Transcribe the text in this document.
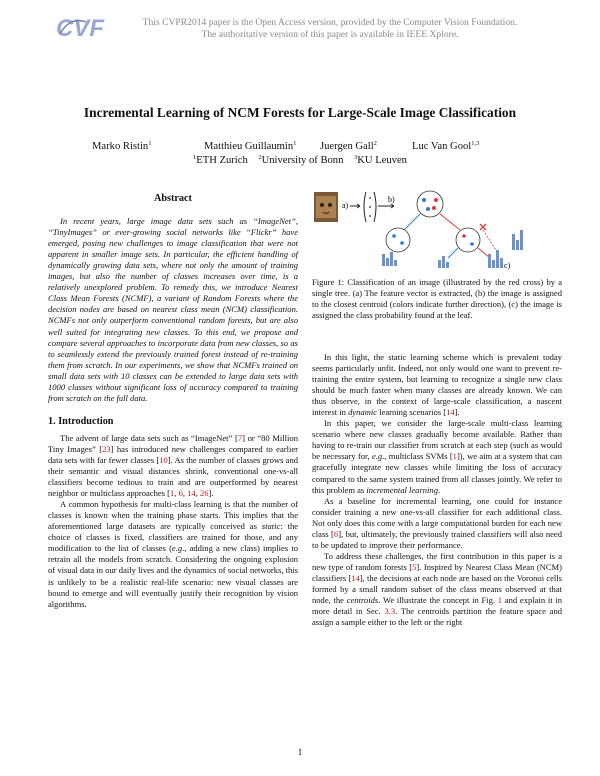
CVF	This CVPR2014 paper is the Open Access version, provided by the Computer Vision Foundation.
The authoritative version of this paper is available in IEEE Xplore.
Incremental Learning of NCM Forests for Large-Scale Image Classification
Marko Ristin$^1$	Matthieu Guillaumin$^1$ Juergen Gall$^2$	Luc Van Gool$^{1,3}$
$^1$ETH Zurich $^2$University of Bonn $^3$KU Leuven
Abstract

In recent years, large image data sets such as “ImageNet”, “TinyImages” or ever-growing social networks like “Flickr” have emerged, posing new challenges to image classification that were not apparent in smaller image sets. In particular, the efficient handling of dynamically growing data sets, where not only the amount of training images, but also the number of classes increases over time, is a relatively unexplored problem. To remedy this, we introduce Nearest Class Mean Forests (NCMF), a variant of Random Forests where the decision nodes are based on nearest class mean (NCM) classification. NCMFs not only outperform conventional random forests, but are also well suited for integrating new classes. To this end, we propose and compare several approaches to incorporate data from new classes, so as to seamlessly extend the previously trained forest instead of re-training them from scratch. In our experiments, we show that NCMFs trained on small data sets with 10 classes can be extended to large data sets with 1000 classes without significant loss of accuracy compared to training from scratch on the full data.

1. Introduction

The advent of large data sets such as “ImageNet” [7] or “80 Million Tiny Images” [23] has introduced new challenges compared to earlier data sets with far fewer classes [10]. As the number of classes grows and their semantic and visual distances shrink, conventional one-vs-all classifiers become tedious to train and are outperformed by nearest neighbor or multiclass approaches [1, 6, 14, 26].

A common hypothesis for multi-class learning is that the number of classes is known when the training phase starts. This implies that the aforementioned large datasets are typically conceived as static: the choice of classes is fixed, classifiers are trained for those, and any modification to the list of classes (e.g., adding a new class) implies to retrain all the models from scratch. Considering the ongoing explosion of visual data in our daily lives and the dynamics of social networks, this is unlikely to be a realistic real-life scenario: new visual classes are bound to emerge and will eventually justify their recognition by vision algorithms.

a)
b)
c)
Figure 1: Classification of an image (illustrated by the red cross) by a single tree. (a) The feature vector is extracted, (b) the image is assigned to the closest centroid (colors indicate further direction), (c) the image is assigned the class probability found at the leaf.

In this light, the static learning scheme which is prevalent today seems particularly unfit. Indeed, not only would one want to prevent re-training the entire system, but learning to recognize a single new class should be much faster when many classes are already known. We can thus observe, in the context of large-scale classification, a nascent interest in dynamic learning scenarios [14].

In this paper, we consider the large-scale multi-class learning scenario where new classes gradually become available. Rather than having to re-train our classifier from scratch at each step (such as would be necessary for, e.g., multiclass SVMs [1]), we aim at a system that can gracefully integrate new classes while limiting the loss of accuracy compared to the same system trained from all classes jointly. We refer to this problem as incremental learning.

As a baseline for incremental learning, one could for instance consider training a new one-vs-all classifier for each additional class. Not only does this come with a large computational burden for each new class [6], but, ultimately, the previously trained classifiers will also need to be updated to improve their performance.

To address these challenges, the first contribution in this paper is a new type of random forests [5]. Inspired by Nearest Class Mean (NCM) classifiers [14], the decisions at each node are based on the Voronoi cells formed by a small random subset of the class means observed at that node, the centroids. We illustrate the concept in Fig. 1 and explain it in more detail in Sec. 3.3. The centroids partition the feature space and assign a sample either to the left or the right

1
